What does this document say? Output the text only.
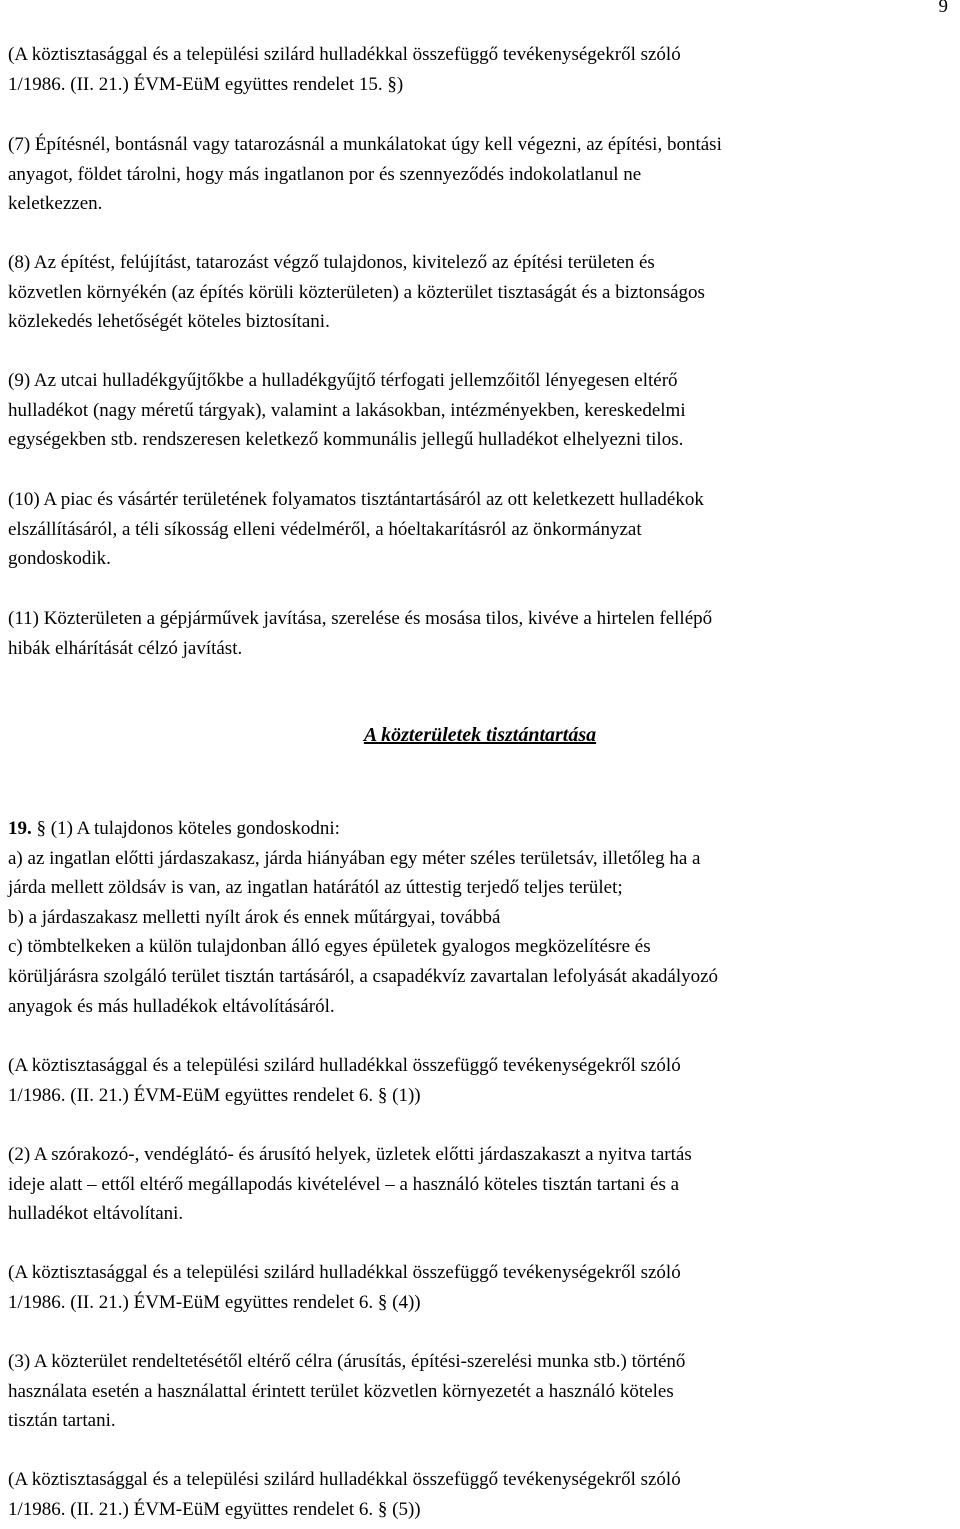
9

(A köztisztasággal és a települési szilárd hulladékkal összefüggő tevékenységekről szóló
1/1986. (II. 21.) ÉVM-EüM együttes rendelet 15. §)

(7) Építésnél, bontásnál vagy tatarozásnál a munkálatokat úgy kell végezni, az építési, bontási
anyagot, földet tárolni, hogy más ingatlanon por és szennyeződés indokolatlanul ne
keletkezzen.

(8) Az építést, felújítást, tatarozást végző tulajdonos, kivitelező az építési területen és
közvetlen környékén (az építés körüli közterületen) a közterület tisztaságát és a biztonságos
közlekedés lehetőségét köteles biztosítani.

(9) Az utcai hulladékgyűjtőkbe a hulladékgyűjtő térfogati jellemzőitől lényegesen eltérő
hulladékot (nagy méretű tárgyak), valamint a lakásokban, intézményekben, kereskedelmi
egységekben stb. rendszeresen keletkező kommunális jellegű hulladékot elhelyezni tilos.

(10) A piac és vásártér területének folyamatos tisztántartásáról az ott keletkezett hulladékok
elszállításáról, a téli síkosság elleni védelméről, a hóeltakarításról az önkormányzat
gondoskodik.

(11) Közterületen a gépjárművek javítása, szerelése és mosása tilos, kivéve a hirtelen fellépő
hibák elhárítását célzó javítást.

19. § (1) A tulajdonos köteles gondoskodni:
a) az ingatlan előtti járdaszakasz, járda hiányában egy méter széles területsáv, illetőleg ha a
járda mellett zöldsáv is van, az ingatlan határától az úttestig terjedő teljes terület;
b) a járdaszakasz melletti nyílt árok és ennek műtárgyai, továbbá
c) tömbtelkeken a külön tulajdonban álló egyes épületek gyalogos megközelítésre és
körüljárásra szolgáló terület tisztán tartásáról, a csapadékvíz zavartalan lefolyását akadályozó
anyagok és más hulladékok eltávolításáról.

(A köztisztasággal és a települési szilárd hulladékkal összefüggő tevékenységekről szóló
1/1986. (II. 21.) ÉVM-EüM együttes rendelet 6. § (1))

(2) A szórakozó-, vendéglátó- és árusító helyek, üzletek előtti járdaszakaszt a nyitva tartás
ideje alatt – ettől eltérő megállapodás kivételével – a használó köteles tisztán tartani és a
hulladékot eltávolítani.

(A köztisztasággal és a települési szilárd hulladékkal összefüggő tevékenységekről szóló
1/1986. (II. 21.) ÉVM-EüM együttes rendelet 6. § (4))

(3) A közterület rendeltetésétől eltérő célra (árusítás, építési-szerelési munka stb.) történő
használata esetén a használattal érintett terület közvetlen környezetét a használó köteles
tisztán tartani.

(A köztisztasággal és a települési szilárd hulladékkal összefüggő tevékenységekről szóló
1/1986. (II. 21.) ÉVM-EüM együttes rendelet 6. § (5))

A közterületek tisztántartása
